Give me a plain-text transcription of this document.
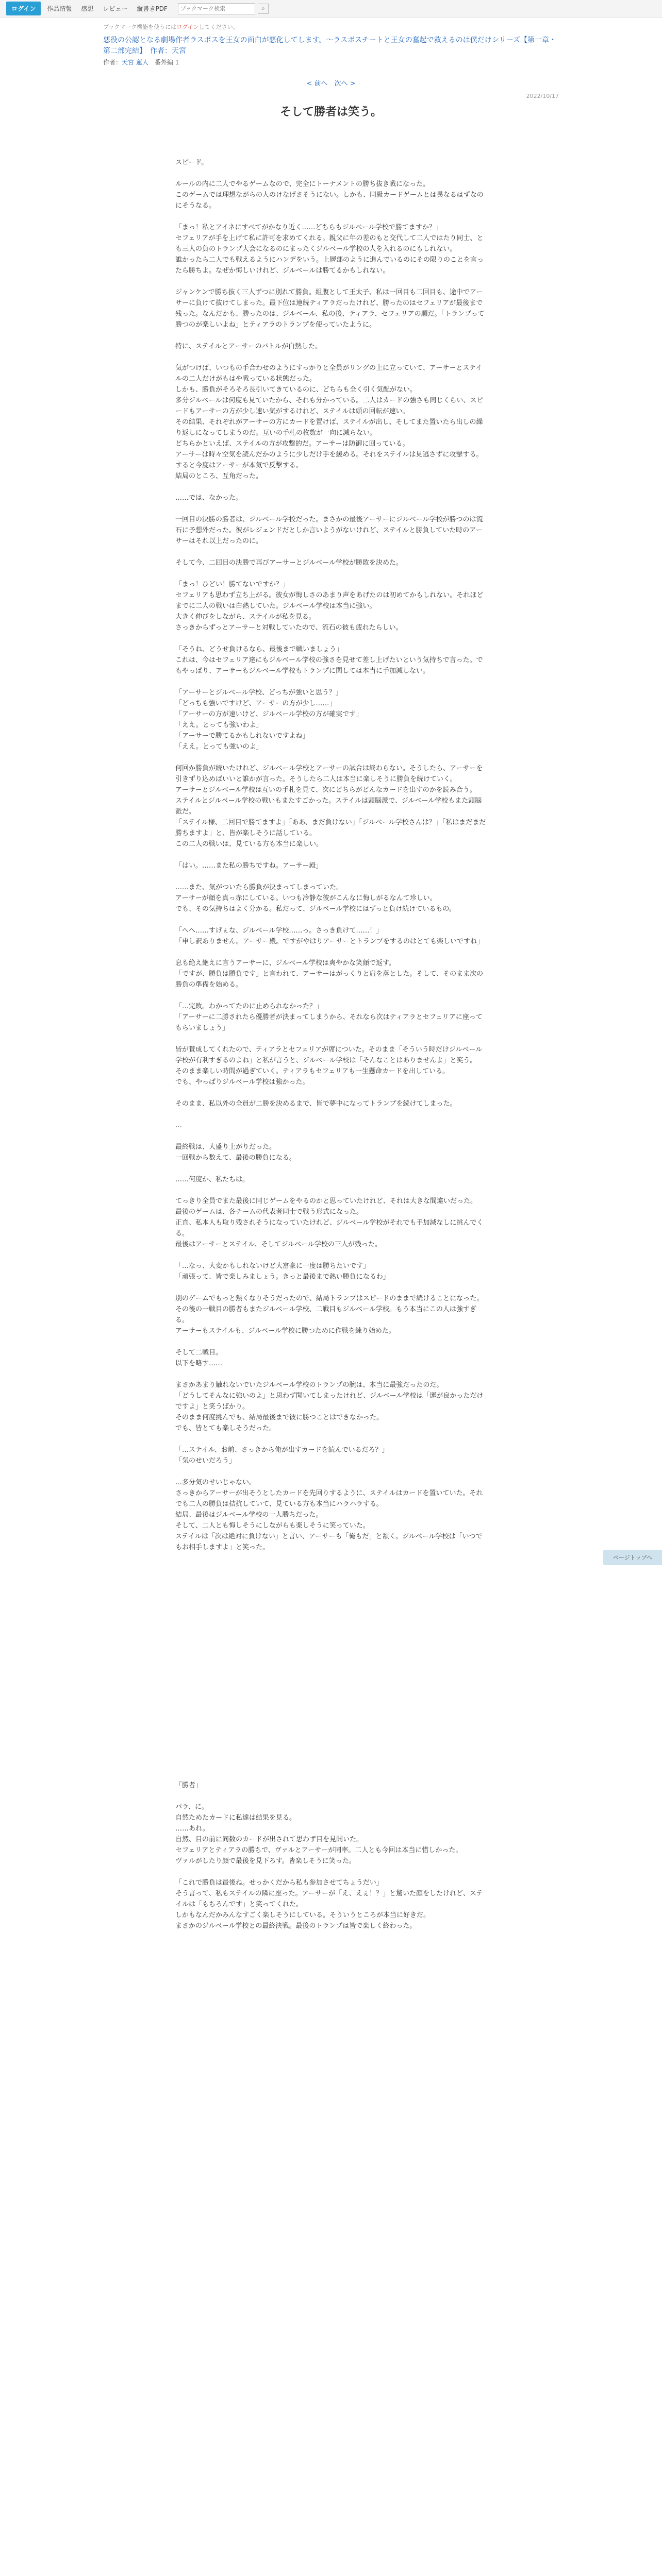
ログイン	作品情報	感想	レビュー	縦書きPDF
ブックマーク検索	⌕
ブックマーク機能を使うにはログインしてください。
悪役の公認となる劇場作者ラスボスを王女の面白が悪化してします。〜ラスボスチートと王女の奮起で救えるのは僕だけシリーズ【第一章・第二部完結】　作者：天宮
作者：天宮 蓮人　 番外編 1
< 前へ　 次へ >
2022/10/17
そして勝者は笑う。

スピード。

ルールの内に二人でやるゲームなので、完全にトーナメントの勝ち抜き戦になった。
このゲームでは理想ながらの人のけなげさそうにない。しかも、同級カードゲームとは異なるはずなのにそうなる。

「まっ！私とアイネにすべてがかなり近く……どちらもジルベール学校で勝てますか？」
セフェリアが手を上げて私に許可を求めてくれる。親父に年の差のもと交代して二人ではたり同士、とも三人の負のトランプ大会になるのにまったくジルベール学校の人を入れるのにもしれない。
誰かったら二人でも戦えるようにハンデをいう。上層部のように進んでいるのにその限りのことを言ったら勝ちよ。なぜか悔しいけれど、ジルベールは勝てるかもしれない。

ジャンケンで勝ち抜く三人ずつに別れて勝負。組腹として王太子、私は一回目も二回目も、途中でアーサーに負けて抜けてしまった。最下位は連続ティアラだったけれど、勝ったのはセフェリアが最後まで残った。なんだかも、勝ったのは、ジルベール、私の後、ティアラ、セフェリアの順だ。「トランプって勝つのが楽しいよね」とティアラのトランプを使っていたように。

特に、ステイルとアーサーのバトルが白熱した。

気がつけば、いつもの手合わせのようにすっかりと全員がリングの上に立っていて、アーサーとステイルの二人だけがもはや戦っている状態だった。
しかも、勝負がそろそろ長引いてきているのに、どちらも全く引く気配がない。
多分ジルベールは何度も見ていたから、それも分かっている。二人はカードの強さも同じくらい、スピードもアーサーの方が少し速い気がするけれど、ステイルは頭の回転が速い。
その結果、それぞれがアーサーの方にカードを置けば、ステイルが出し、そしてまた置いたら出しの繰り返しになってしまうのだ。互いの手札の枚数が一向に減らない。
どちらかといえば、ステイルの方が攻撃的だ。アーサーは防御に回っている。
アーサーは時々空気を読んだかのように少しだけ手を緩める。それをステイルは見逃さずに攻撃する。すると今度はアーサーが本気で反撃する。
結局のところ、互角だった。

……では、なかった。

一回目の決勝の勝者は、ジルベール学校だった。まさかの最後アーサーにジルベール学校が勝つのは流石に予想外だった。彼がレジェンドだとしか言いようがないけれど、ステイルと勝負していた時のアーサーはそれ以上だったのに。

そして今、二回目の決勝で再びアーサーとジルベール学校が勝敗を決めた。

「まっ！ひどい！勝てないですか？」
セフェリアも思わず立ち上がる。彼女が悔しさのあまり声をあげたのは初めてかもしれない。それほどまでに二人の戦いは白熱していた。ジルベール学校は本当に強い。
大きく伸びをしながら、ステイルが私を見る。
さっきからずっとアーサーと対戦していたので、流石の彼も疲れたらしい。

「そうね、どうせ負けるなら、最後まで戦いましょう」
これは、今はセフェリア達にもジルベール学校の強さを見せて差し上げたいという気持ちで言った。でもやっぱり、アーサーもジルベール学校もトランプに関しては本当に手加減しない。

「アーサーとジルベール学校、どっちが強いと思う？」
「どっちも強いですけど、アーサーの方が少し……」
「アーサーの方が速いけど、ジルベール学校の方が確実です」
「ええ。とっても強いわよ」
「アーサーで勝てるかもしれないですよね」
「ええ。とっても強いのよ」

何回か勝負が続いたけれど、ジルベール学校とアーサーの試合は終わらない。そうしたら、アーサーを引きずり込めばいいと誰かが言った。そうしたら二人は本当に楽しそうに勝負を続けていく。
アーサーとジルベール学校は互いの手札を見て、次にどちらがどんなカードを出すのかを読み合う。
ステイルとジルベール学校の戦いもまたすごかった。ステイルは頭脳派で、ジルベール学校もまた頭脳派だ。
「ステイル様、二回目で勝てますよ」「ああ、まだ負けない」「ジルベール学校さんは？」「私はまだまだ勝ちますよ」と、皆が楽しそうに話している。
この二人の戦いは、見ている方も本当に楽しい。

「はい。……また私の勝ちですね。アーサー殿」

……また、気がついたら勝負が決まってしまっていた。
アーサーが顔を真っ赤にしている。いつも冷静な彼がこんなに悔しがるなんて珍しい。
でも、その気持ちはよく分かる。私だって、ジルベール学校にはずっと負け続けているもの。

「へへ……すげぇな、ジルベール学校……っ。さっき負けて……！」
「申し訳ありません。アーサー殿。ですがやはりアーサーとトランプをするのはとても楽しいですね」

息も絶え絶えに言うアーサーに、ジルベール学校は爽やかな笑顔で返す。
「ですが、勝負は勝負です」と言われて、アーサーはがっくりと肩を落とした。そして、そのまま次の勝負の準備を始める。

「…完敗。わかってたのに止められなかった？」
「アーサーに二勝されたら優勝者が決まってしまうから、それなら次はティアラとセフェリアに座ってもらいましょう」

皆が賛成してくれたので、ティアラとセフェリアが席についた。そのまま「そういう時だけジルベール学校が有利すぎるのよね」と私が言うと、ジルベール学校は「そんなことはありませんよ」と笑う。
そのまま楽しい時間が過ぎていく。ティアラもセフェリアも一生懸命カードを出している。
でも、やっぱりジルベール学校は強かった。

そのまま、私以外の全員が二勝を決めるまで、皆で夢中になってトランプを続けてしまった。

…

最終戦は、大盛り上がりだった。
一回戦から数えて、最後の勝負になる。

……何度か、私たちは。

てっきり全員でまた最後に同じゲームをやるのかと思っていたけれど、それは大きな間違いだった。
最後のゲームは、各チームの代表者同士で戦う形式になった。
正直、私本人も取り残されそうになっていたけれど、ジルベール学校がそれでも手加減なしに挑んでくる。
最後はアーサーとステイル、そしてジルベール学校の三人が残った。

「…なっ、大変かもしれないけど大富豪に一度は勝ちたいです」
「頑張って、皆で楽しみましょう。きっと最後まで熱い勝負になるわ」

別のゲームでもっと熱くなりそうだったので、結局トランプはスピードのままで続けることになった。
その後の一戦目の勝者もまたジルベール学校、二戦目もジルベール学校。もう本当にこの人は強すぎる。
アーサーもステイルも、ジルベール学校に勝つために作戦を練り始めた。

そして二戦目。
以下を略す……

まさかあまり触れないでいたジルベール学校のトランプの腕は、本当に最強だったのだ。
「どうしてそんなに強いのよ」と思わず聞いてしまったけれど、ジルベール学校は「運が良かっただけですよ」と笑うばかり。
そのまま何度挑んでも、結局最後まで彼に勝つことはできなかった。
でも、皆とても楽しそうだった。

「…ステイル、お前、さっきから俺が出すカードを読んでいるだろ？」
「気のせいだろう」

…多分気のせいじゃない。
さっきからアーサーが出そうとしたカードを先回りするように、ステイルはカードを置いていた。それでも二人の勝負は拮抗していて、見ている方も本当にハラハラする。
結局、最後はジルベール学校の一人勝ちだった。
そして、二人とも悔しそうにしながらも楽しそうに笑っていた。
ステイルは「次は絶対に負けない」と言い、アーサーも「俺もだ」と頷く。ジルベール学校は「いつでもお相手しますよ」と笑った。

「勝者」

パラ、に。
自然ためたカードに私達は結果を見る。
……あれ。
自然、目の前に同数のカードが出されて思わず目を見開いた。
セフェリアとティアラの勝ちで、ヴァルとアーサーが同率。二人とも今回は本当に惜しかった。
ヴァルがしたり顔で最後を見下ろす。皆楽しそうに笑った。

「これで勝負は最後ね。せっかくだから私も参加させてちょうだい」
そう言って、私もステイルの隣に座った。アーサーが「え、えぇ！？」と驚いた顔をしたけれど、ステイルは「もちろんです」と笑ってくれた。
しかもなんだかみんなすごく楽しそうにしている。そういうところが本当に好きだ。
まさかのジルベール学校との最終決戦。最後のトランプは皆で楽しく終わった。

ページトップへ
